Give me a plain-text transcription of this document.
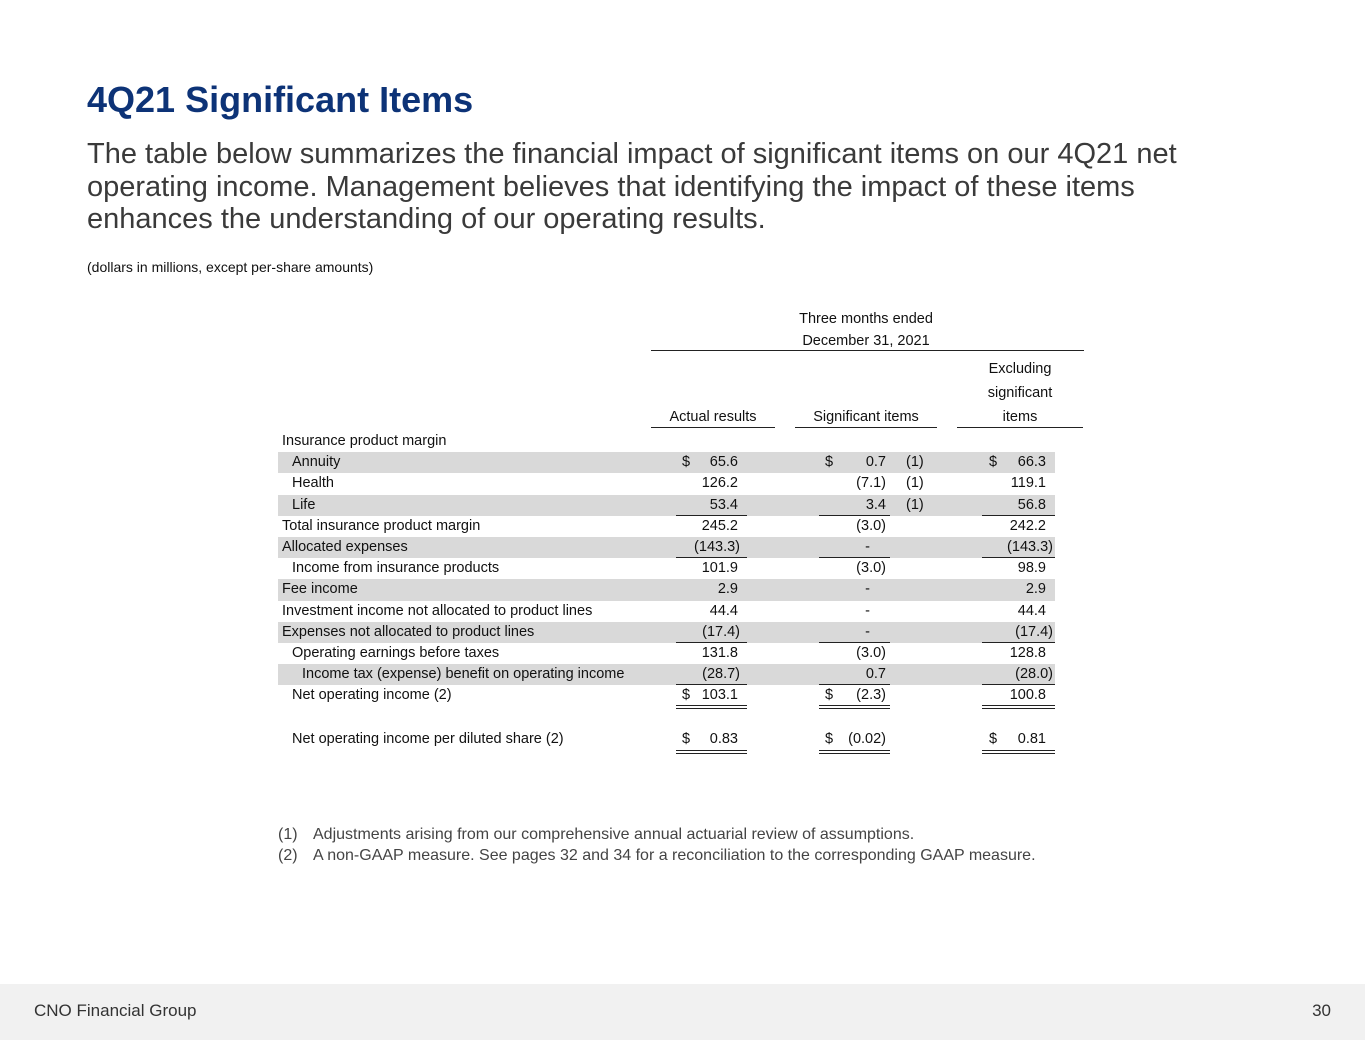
4Q21 Significant Items

The table below summarizes the financial impact of significant items on our 4Q21 net operating income. Management believes that identifying the impact of these items enhances the understanding of our operating results.

(dollars in millions, except per-share amounts)
Three months ended
December 31, 2021
Actual results	Significant items
Excluding
significant
items
Insurance product margin
Annuity	$ 65.6	$ 0.7 (1)	$ 66.3
Health	126.2	(7.1) (1)	119.1
Life	53.4	3.4 (1)	56.8
Total insurance product margin	245.2	(3.0)	242.2
Allocated expenses	(143.3)	-	(143.3)
Income from insurance products	101.9	(3.0)	98.9
Fee income	2.9	-	2.9
Investment income not allocated to product lines	44.4	-	44.4
Expenses not allocated to product lines	(17.4)	-	(17.4)
Operating earnings before taxes	131.8	(3.0)	128.8
Income tax (expense) benefit on operating income	(28.7)	0.7	(28.0)
Net operating income (2)	$ 103.1	$ (2.3)	100.8
Net operating income per diluted share (2)	$ 0.83	$ (0.02)	$ 0.81
(1) Adjustments arising from our comprehensive annual actuarial review of assumptions.
(2) A non-GAAP measure. See pages 32 and 34 for a reconciliation to the corresponding GAAP measure.
CNO Financial Group	30
